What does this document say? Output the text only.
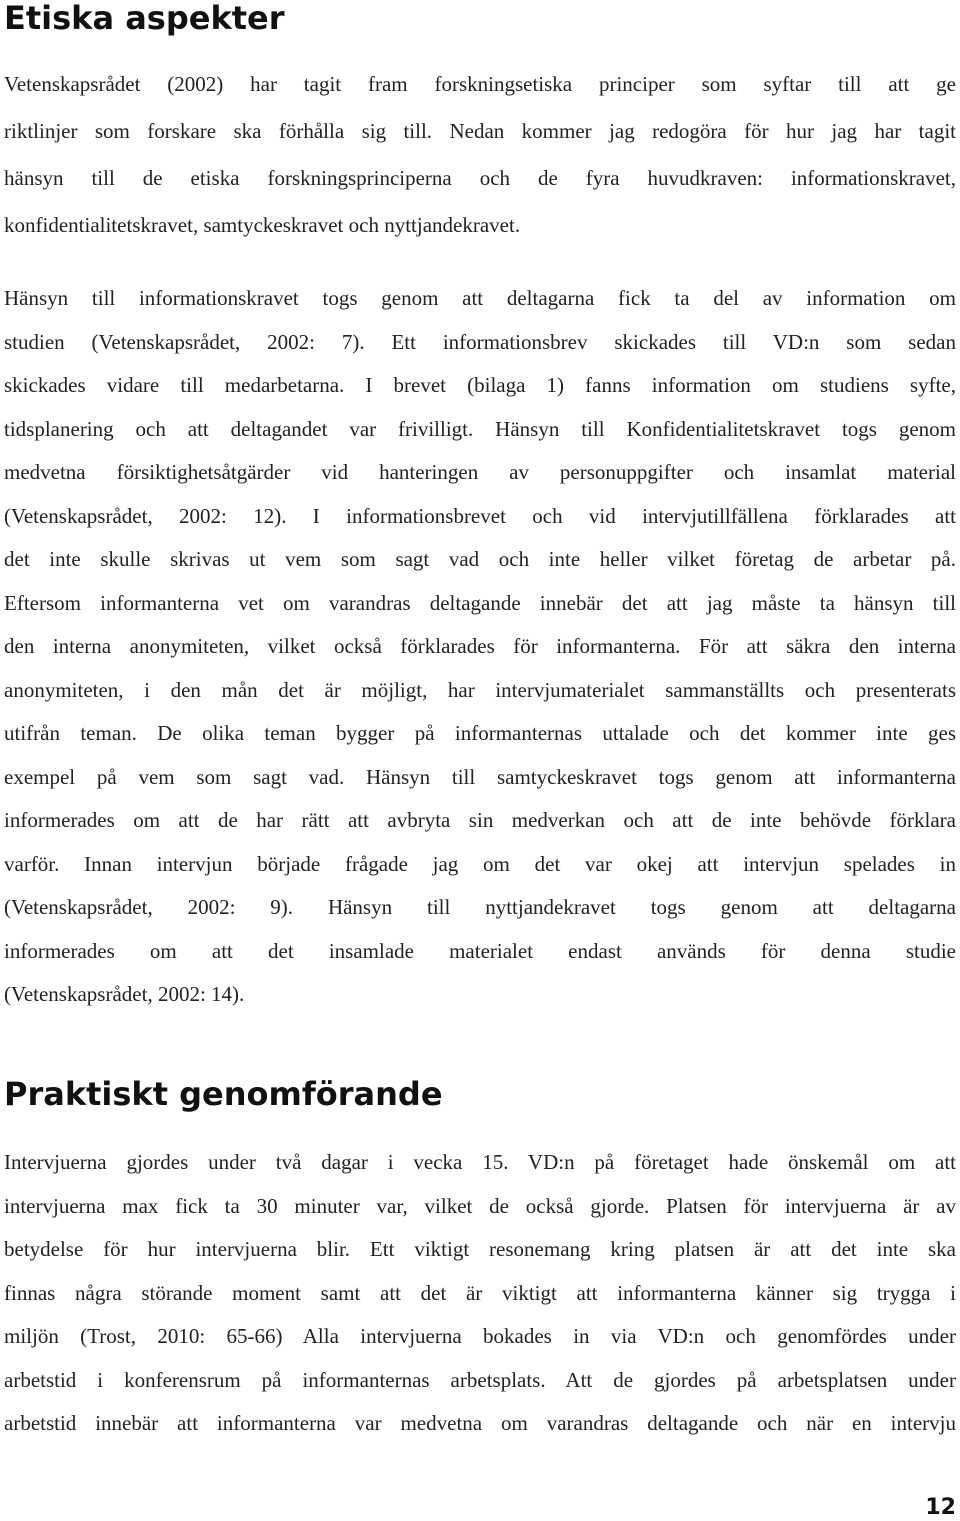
Etiska aspekter

Vetenskapsrådet (2002) har tagit fram forskningsetiska principer som syftar till att ge
riktlinjer som forskare ska förhålla sig till. Nedan kommer jag redogöra för hur jag har tagit
hänsyn till de etiska forskningsprinciperna och de fyra huvudkraven: informationskravet,
konfidentialitetskravet, samtyckeskravet och nyttjandekravet.

Hänsyn till informationskravet togs genom att deltagarna fick ta del av information om
studien (Vetenskapsrådet, 2002: 7). Ett informationsbrev skickades till VD:n som sedan
skickades vidare till medarbetarna. I brevet (bilaga 1) fanns information om studiens syfte,
tidsplanering och att deltagandet var frivilligt. Hänsyn till Konfidentialitetskravet togs genom
medvetna försiktighetsåtgärder vid hanteringen av personuppgifter och insamlat material
(Vetenskapsrådet, 2002: 12). I informationsbrevet och vid intervjutillfällena förklarades att
det inte skulle skrivas ut vem som sagt vad och inte heller vilket företag de arbetar på.
Eftersom informanterna vet om varandras deltagande innebär det att jag måste ta hänsyn till
den interna anonymiteten, vilket också förklarades för informanterna. För att säkra den interna
anonymiteten, i den mån det är möjligt, har intervjumaterialet sammanställts och presenterats
utifrån teman. De olika teman bygger på informanternas uttalade och det kommer inte ges
exempel på vem som sagt vad. Hänsyn till samtyckeskravet togs genom att informanterna
informerades om att de har rätt att avbryta sin medverkan och att de inte behövde förklara
varför. Innan intervjun började frågade jag om det var okej att intervjun spelades in
(Vetenskapsrådet, 2002: 9). Hänsyn till nyttjandekravet togs genom att deltagarna
informerades om att det insamlade materialet endast används för denna studie
(Vetenskapsrådet, 2002: 14).

Praktiskt genomförande

Intervjuerna gjordes under två dagar i vecka 15. VD:n på företaget hade önskemål om att
intervjuerna max fick ta 30 minuter var, vilket de också gjorde. Platsen för intervjuerna är av
betydelse för hur intervjuerna blir. Ett viktigt resonemang kring platsen är att det inte ska
finnas några störande moment samt att det är viktigt att informanterna känner sig trygga i
miljön (Trost, 2010: 65-66) Alla intervjuerna bokades in via VD:n och genomfördes under
arbetstid i konferensrum på informanternas arbetsplats. Att de gjordes på arbetsplatsen under
arbetstid innebär att informanterna var medvetna om varandras deltagande och när en intervju

12
